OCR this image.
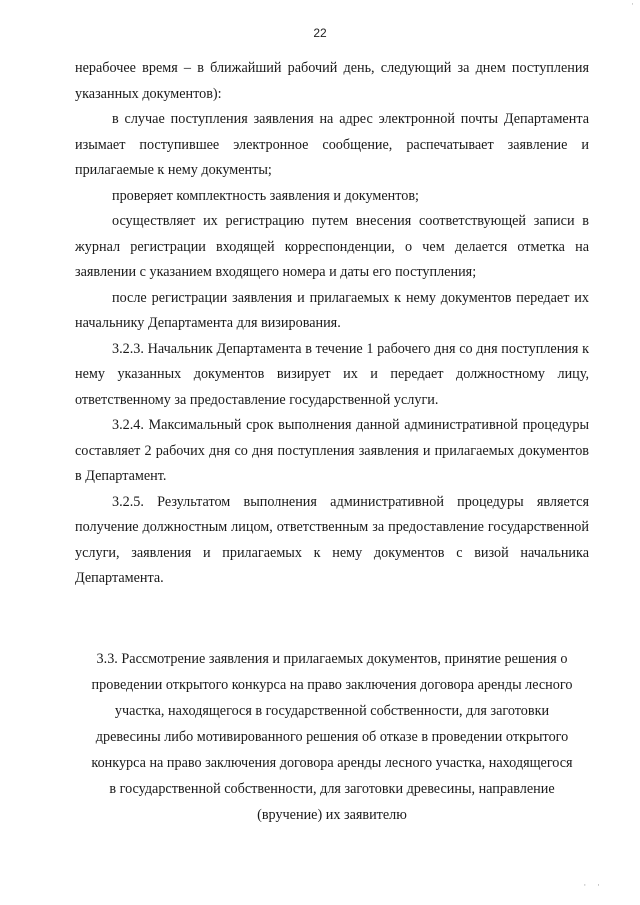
·
22

нерабочее время – в ближайший рабочий день, следующий за днем поступления указанных документов):

в случае поступления заявления на адрес электронной почты Департамента изымает поступившее электронное сообщение, распечатывает заявление и прилагаемые к нему документы;

проверяет комплектность заявления и документов;

осуществляет их регистрацию путем внесения соответствующей записи в журнал регистрации входящей корреспонденции, о чем делается отметка на заявлении с указанием входящего номера и даты его поступления;

после регистрации заявления и прилагаемых к нему документов передает их начальнику Департамента для визирования.

3.2.3. Начальник Департамента в течение 1 рабочего дня со дня поступления к нему указанных документов визирует их и передает должностному лицу, ответственному за предоставление государственной услуги.

3.2.4. Максимальный срок выполнения данной административной процедуры составляет 2 рабочих дня со дня поступления заявления и прилагаемых документов в Департамент.

3.2.5. Результатом выполнения административной процедуры является получение должностным лицом, ответственным за предоставление государственной услуги, заявления и прилагаемых к нему документов с визой начальника Департамента.

3.3. Рассмотрение заявления и прилагаемых документов, принятие решения о
проведении открытого конкурса на право заключения договора аренды лесного
участка, находящегося в государственной собственности, для заготовки
древесины либо мотивированного решения об отказе в проведении открытого
конкурса на право заключения договора аренды лесного участка, находящегося
в государственной собственности, для заготовки древесины, направление
(вручение) их заявителю
· ·
